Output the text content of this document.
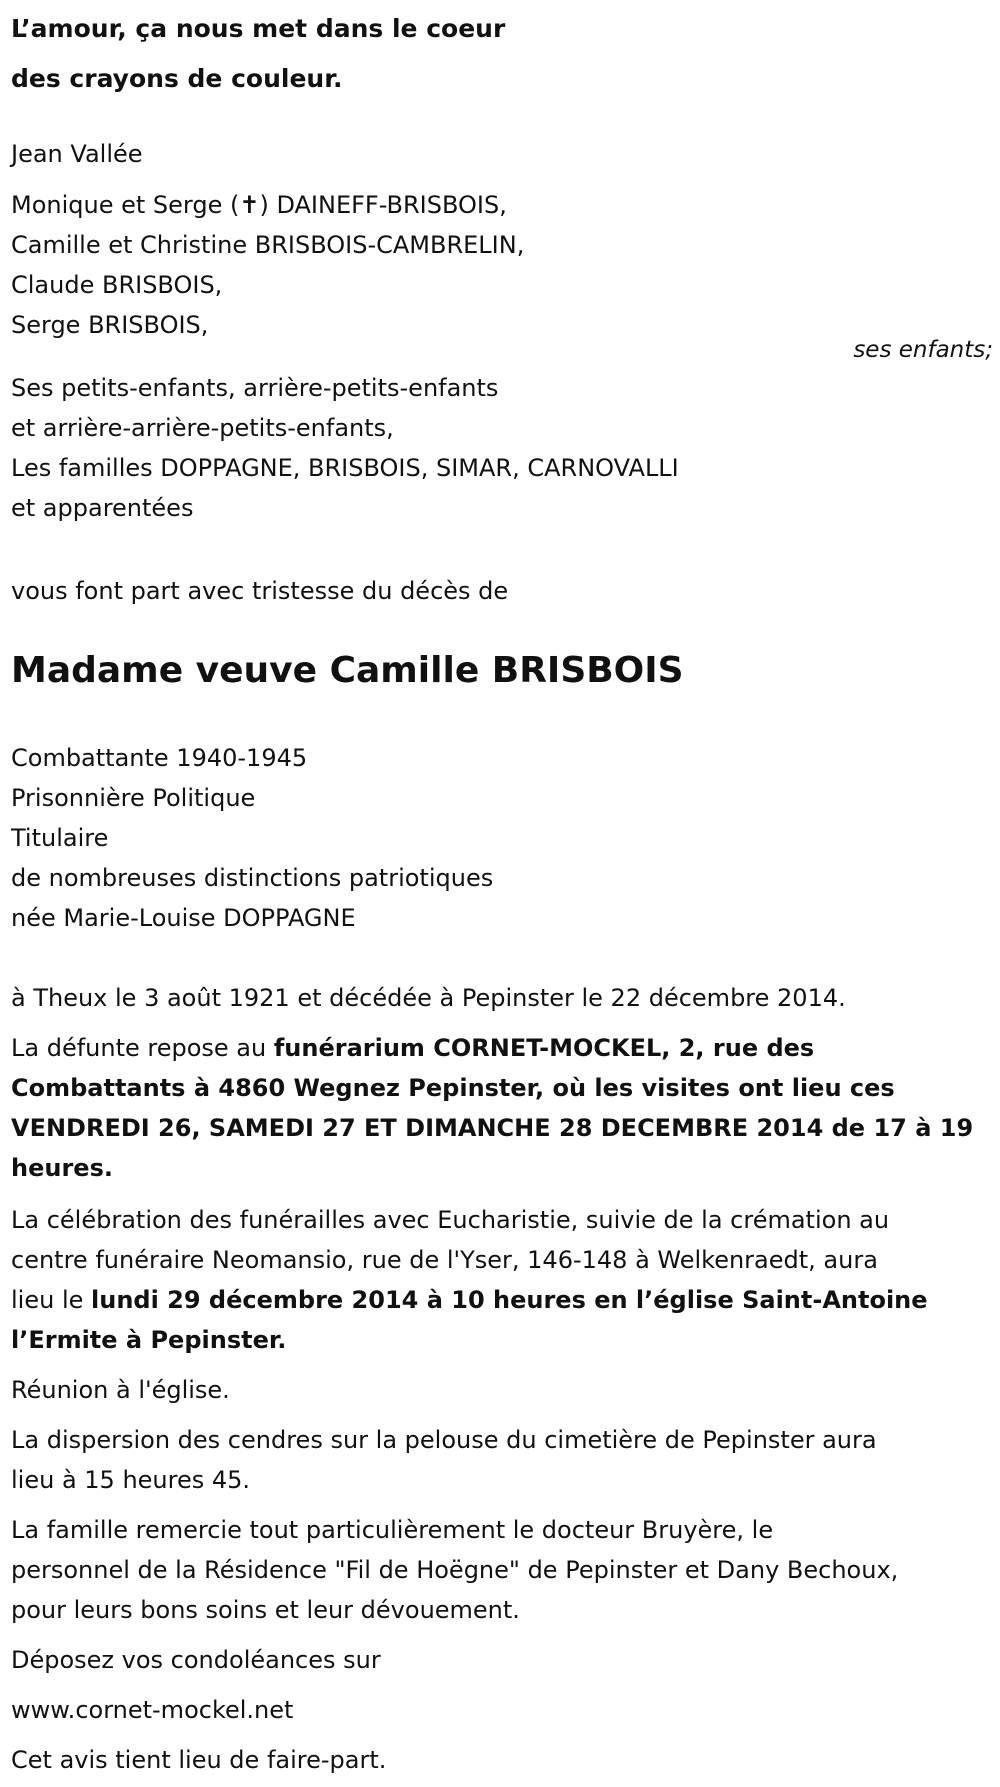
L’amour, ça nous met dans le coeur
des crayons de couleur.
Jean Vallée
Monique et Serge (✝) DAINEFF-BRISBOIS,
Camille et Christine BRISBOIS-CAMBRELIN,
Claude BRISBOIS,
Serge BRISBOIS,
ses enfants;
Ses petits-enfants, arrière-petits-enfants
et arrière-arrière-petits-enfants,
Les familles DOPPAGNE, BRISBOIS, SIMAR, CARNOVALLI
et apparentées
vous font part avec tristesse du décès de
Madame veuve Camille BRISBOIS
Combattante 1940-1945
Prisonnière Politique
Titulaire
de nombreuses distinctions patriotiques
née Marie-Louise DOPPAGNE
à Theux le 3 août 1921 et décédée à Pepinster le 22 décembre 2014.
La défunte repose au funérarium CORNET-MOCKEL, 2, rue des
Combattants à 4860 Wegnez Pepinster, où les visites ont lieu ces
VENDREDI 26, SAMEDI 27 ET DIMANCHE 28 DECEMBRE 2014 de 17 à 19
heures.
La célébration des funérailles avec Eucharistie, suivie de la crémation au
centre funéraire Neomansio, rue de l'Yser, 146-148 à Welkenraedt, aura
lieu le lundi 29 décembre 2014 à 10 heures en l’église Saint-Antoine
l’Ermite à Pepinster.
Réunion à l'église.
La dispersion des cendres sur la pelouse du cimetière de Pepinster aura
lieu à 15 heures 45.
La famille remercie tout particulièrement le docteur Bruyère, le
personnel de la Résidence "Fil de Hoëgne" de Pepinster et Dany Bechoux,
pour leurs bons soins et leur dévouement.
Déposez vos condoléances sur
www.cornet-mockel.net
Cet avis tient lieu de faire-part.
